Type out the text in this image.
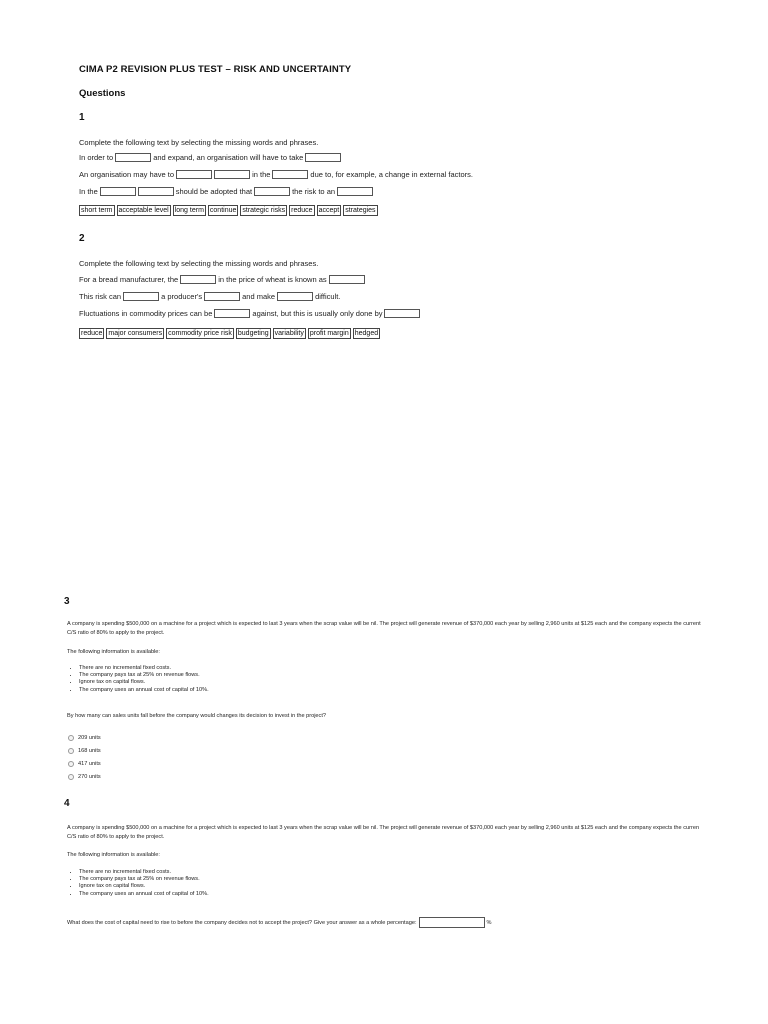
CIMA P2 REVISION PLUS TEST – RISK AND UNCERTAINTY
Questions
1
Complete the following text by selecting the missing words and phrases.
In order to	and expand, an organisation will have to take
An organisation may have to	in the	due to, for example, a change in external factors.
In the	should be adopted that	the risk to an
short term acceptable level long term continue strategic risks reduce accept strategies
2
Complete the following text by selecting the missing words and phrases.
For a bread manufacturer, the	in the price of wheat is known as
This risk can	a producer's	and make	difficult.
Fluctuations in commodity prices can be	against, but this is usually only done by
reduce major consumers commodity price risk budgeting variability profit margin hedged
3
A company is spending $500,000 on a machine for a project which is expected to last 3 years when the scrap value will be nil. The project will generate revenue of $370,000 each year by selling 2,960 units at $125 each and the company expects the current
C/S ratio of 80% to apply to the project.
The following information is available:
• There are no incremental fixed costs.
• The company pays tax at 25% on revenue flows.
• Ignore tax on capital flows.
• The company uses an annual cost of capital of 10%.
By how many can sales units fall before the company would changes its decision to invest in the project?
209 units
168 units
417 units
270 units
4
A company is spending $500,000 on a machine for a project which is expected to last 3 years when the scrap value will be nil. The project will generate revenue of $370,000 each year by selling 2,960 units at $125 each and the company expects the curren
C/S ratio of 80% to apply to the project.
The following information is available:
• There are no incremental fixed costs.
• The company pays tax at 25% on revenue flows.
• Ignore tax on capital flows.
• The company uses an annual cost of capital of 10%.
What does the cost of capital need to rise to before the company decides not to accept the project? Give your answer as a whole percentage:	%
